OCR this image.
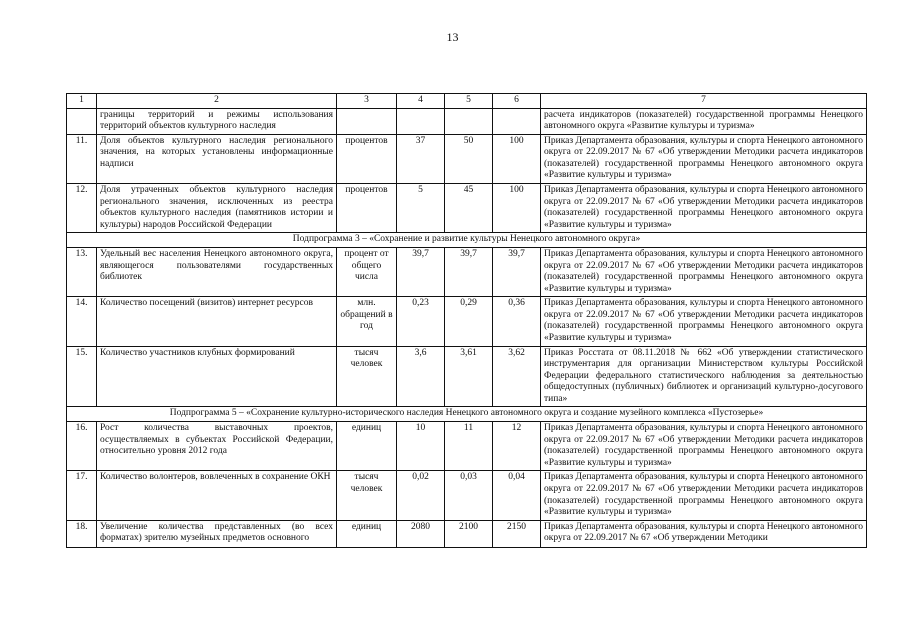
13
1	2	3	4	5	6	7
	границы территорий и режимы использования территорий объектов культурного наследия					расчета индикаторов (показателей) государственной программы Ненецкого автономного округа «Развитие культуры и туризма»
11.	Доля объектов культурного наследия регионального значения, на которых установлены информационные надписи	процентов	37	50	100	Приказ Департамента образования, культуры и спорта Ненецкого автономного округа от 22.09.2017 № 67 «Об утверждении Методики расчета индикаторов (показателей) государственной программы Ненецкого автономного округа «Развитие культуры и туризма»
12.	Доля утраченных объектов культурного наследия регионального значения, исключенных из реестра объектов культурного наследия (памятников истории и культуры) народов Российской Федерации	процентов	5	45	100	Приказ Департамента образования, культуры и спорта Ненецкого автономного округа от 22.09.2017 № 67 «Об утверждении Методики расчета индикаторов (показателей) государственной программы Ненецкого автономного округа «Развитие культуры и туризма»
Подпрограмма 3 – «Сохранение и развитие культуры Ненецкого автономного округа»						
13.	Удельный вес населения Ненецкого автономного округа, являющегося пользователями государственных библиотек	процент от общего числа	39,7	39,7	39,7	Приказ Департамента образования, культуры и спорта Ненецкого автономного округа от 22.09.2017 № 67 «Об утверждении Методики расчета индикаторов (показателей) государственной программы Ненецкого автономного округа «Развитие культуры и туризма»
14.	Количество посещений (визитов) интернет ресурсов	млн. обращений в год	0,23	0,29	0,36	Приказ Департамента образования, культуры и спорта Ненецкого автономного округа от 22.09.2017 № 67 «Об утверждении Методики расчета индикаторов (показателей) государственной программы Ненецкого автономного округа «Развитие культуры и туризма»
15.	Количество участников клубных формирований	тысяч человек	3,6	3,61	3,62	Приказ Росстата от 08.11.2018 № 662 «Об утверждении статистического инструментария для организации Министерством культуры Российской Федерации федерального статистического наблюдения за деятельностью общедоступных (публичных) библиотек и организаций культурно-досугового типа»
Подпрограмма 5 – «Сохранение культурно-исторического наследия Ненецкого автономного округа и создание музейного комплекса «Пустозерье»						
16.	Рост количества выставочных проектов, осуществляемых в субъектах Российской Федерации, относительно уровня 2012 года	единиц	10	11	12	Приказ Департамента образования, культуры и спорта Ненецкого автономного округа от 22.09.2017 № 67 «Об утверждении Методики расчета индикаторов (показателей) государственной программы Ненецкого автономного округа «Развитие культуры и туризма»
17.	Количество волонтеров, вовлеченных в сохранение ОКН	тысяч человек	0,02	0,03	0,04	Приказ Департамента образования, культуры и спорта Ненецкого автономного округа от 22.09.2017 № 67 «Об утверждении Методики расчета индикаторов (показателей) государственной программы Ненецкого автономного округа «Развитие культуры и туризма»
18.	Увеличение количества представленных (во всех форматах) зрителю музейных предметов основного	единиц	2080	2100	2150	Приказ Департамента образования, культуры и спорта Ненецкого автономного округа от 22.09.2017 № 67 «Об утверждении Методики
